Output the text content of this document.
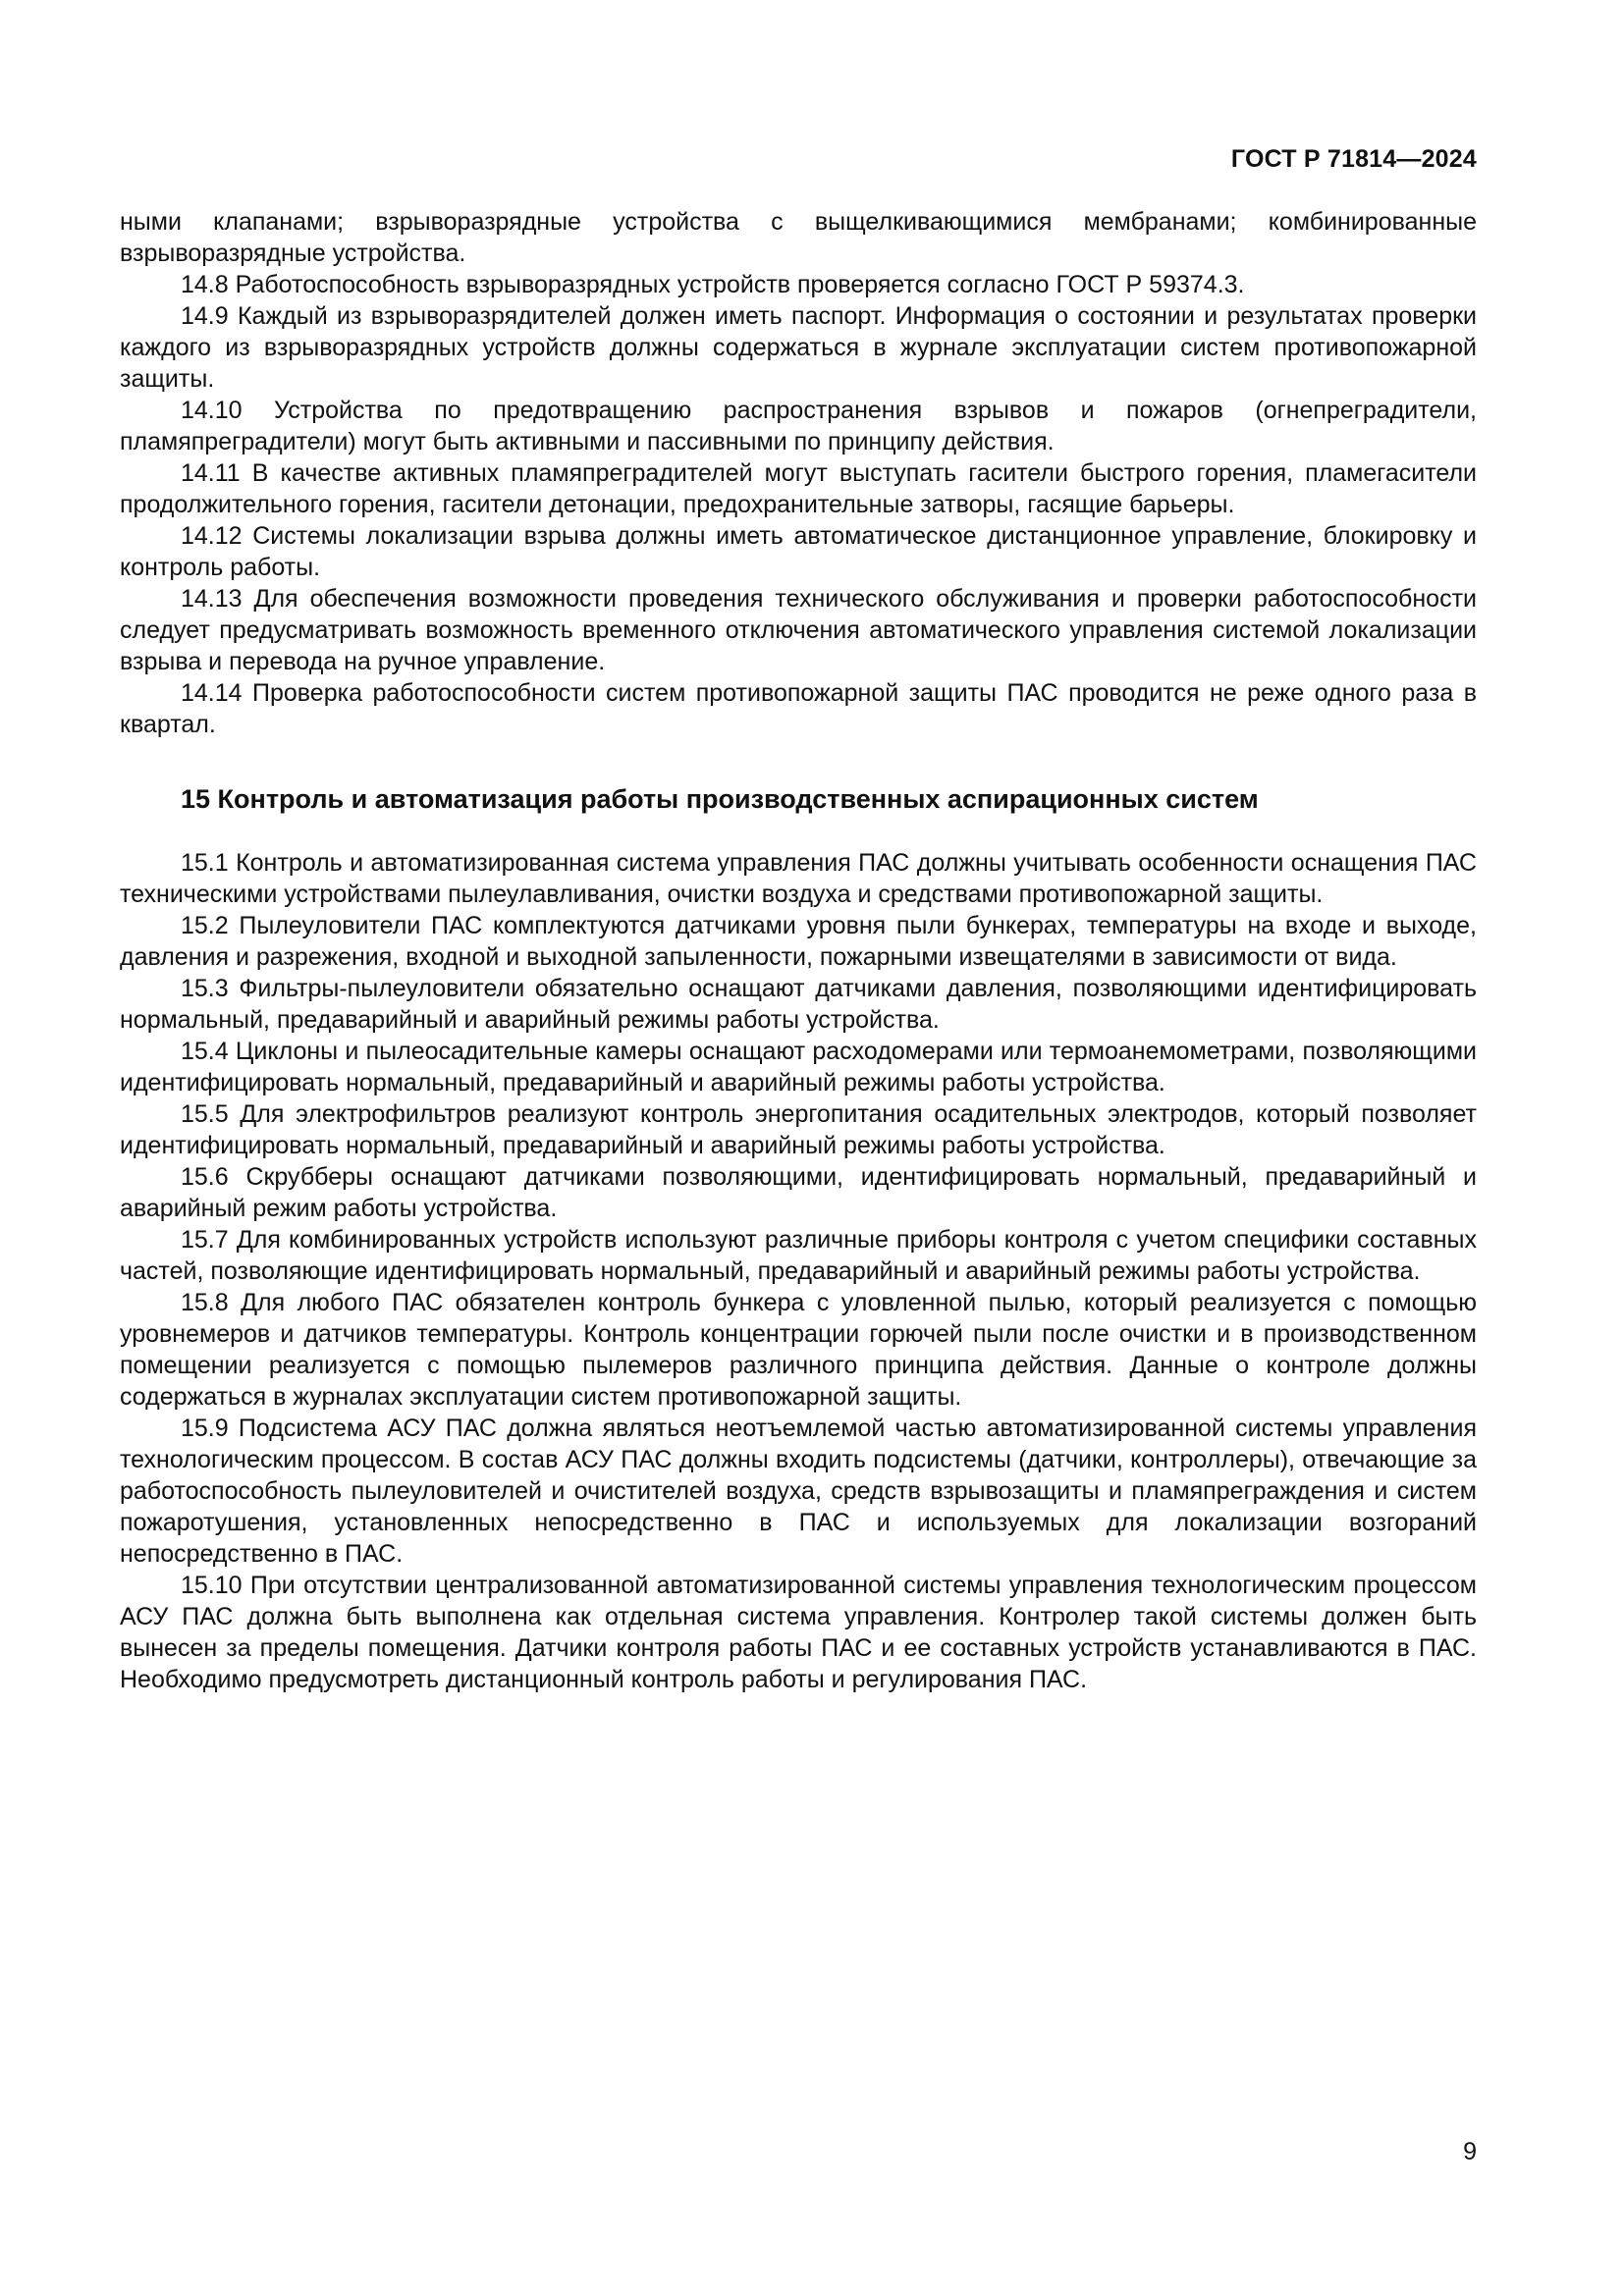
ГОСТ Р 71814—2024

ными клапанами; взрыворазрядные устройства с выщелкивающимися мембранами; комбинированные взрыворазрядные устройства.

14.8 Работоспособность взрыворазрядных устройств проверяется согласно ГОСТ Р 59374.3.

14.9 Каждый из взрыворазрядителей должен иметь паспорт. Информация о состоянии и результатах проверки каждого из взрыворазрядных устройств должны содержаться в журнале эксплуатации систем противопожарной защиты.

14.10 Устройства по предотвращению распространения взрывов и пожаров (огнепреградители, пламяпреградители) могут быть активными и пассивными по принципу действия.

14.11 В качестве активных пламяпреградителей могут выступать гасители быстрого горения, пламегасители продолжительного горения, гасители детонации, предохранительные затворы, гасящие барьеры.

14.12 Системы локализации взрыва должны иметь автоматическое дистанционное управление, блокировку и контроль работы.

14.13 Для обеспечения возможности проведения технического обслуживания и проверки работоспособности следует предусматривать возможность временного отключения автоматического управления системой локализации взрыва и перевода на ручное управление.

14.14 Проверка работоспособности систем противопожарной защиты ПАС проводится не реже одного раза в квартал.

15 Контроль и автоматизация работы производственных аспирационных систем

15.1 Контроль и автоматизированная система управления ПАС должны учитывать особенности оснащения ПАС техническими устройствами пылеулавливания, очистки воздуха и средствами противопожарной защиты.

15.2 Пылеуловители ПАС комплектуются датчиками уровня пыли бункерах, температуры на входе и выходе, давления и разрежения, входной и выходной запыленности, пожарными извещателями в зависимости от вида.

15.3 Фильтры-пылеуловители обязательно оснащают датчиками давления, позволяющими идентифицировать нормальный, предаварийный и аварийный режимы работы устройства.

15.4 Циклоны и пылеосадительные камеры оснащают расходомерами или термоанемометрами, позволяющими идентифицировать нормальный, предаварийный и аварийный режимы работы устройства.

15.5 Для электрофильтров реализуют контроль энергопитания осадительных электродов, который позволяет идентифицировать нормальный, предаварийный и аварийный режимы работы устройства.

15.6 Скрубберы оснащают датчиками позволяющими, идентифицировать нормальный, предаварийный и аварийный режим работы устройства.

15.7 Для комбинированных устройств используют различные приборы контроля с учетом специфики составных частей, позволяющие идентифицировать нормальный, предаварийный и аварийный режимы работы устройства.

15.8 Для любого ПАС обязателен контроль бункера с уловленной пылью, который реализуется с помощью уровнемеров и датчиков температуры. Контроль концентрации горючей пыли после очистки и в производственном помещении реализуется с помощью пылемеров различного принципа действия. Данные о контроле должны содержаться в журналах эксплуатации систем противопожарной защиты.

15.9 Подсистема АСУ ПАС должна являться неотъемлемой частью автоматизированной системы управления технологическим процессом. В состав АСУ ПАС должны входить подсистемы (датчики, контроллеры), отвечающие за работоспособность пылеуловителей и очистителей воздуха, средств взрывозащиты и пламяпреграждения и систем пожаротушения, установленных непосредственно в ПАС и используемых для локализации возгораний непосредственно в ПАС.

15.10 При отсутствии централизованной автоматизированной системы управления технологическим процессом АСУ ПАС должна быть выполнена как отдельная система управления. Контролер такой системы должен быть вынесен за пределы помещения. Датчики контроля работы ПАС и ее составных устройств устанавливаются в ПАС. Необходимо предусмотреть дистанционный контроль работы и регулирования ПАС.

9
